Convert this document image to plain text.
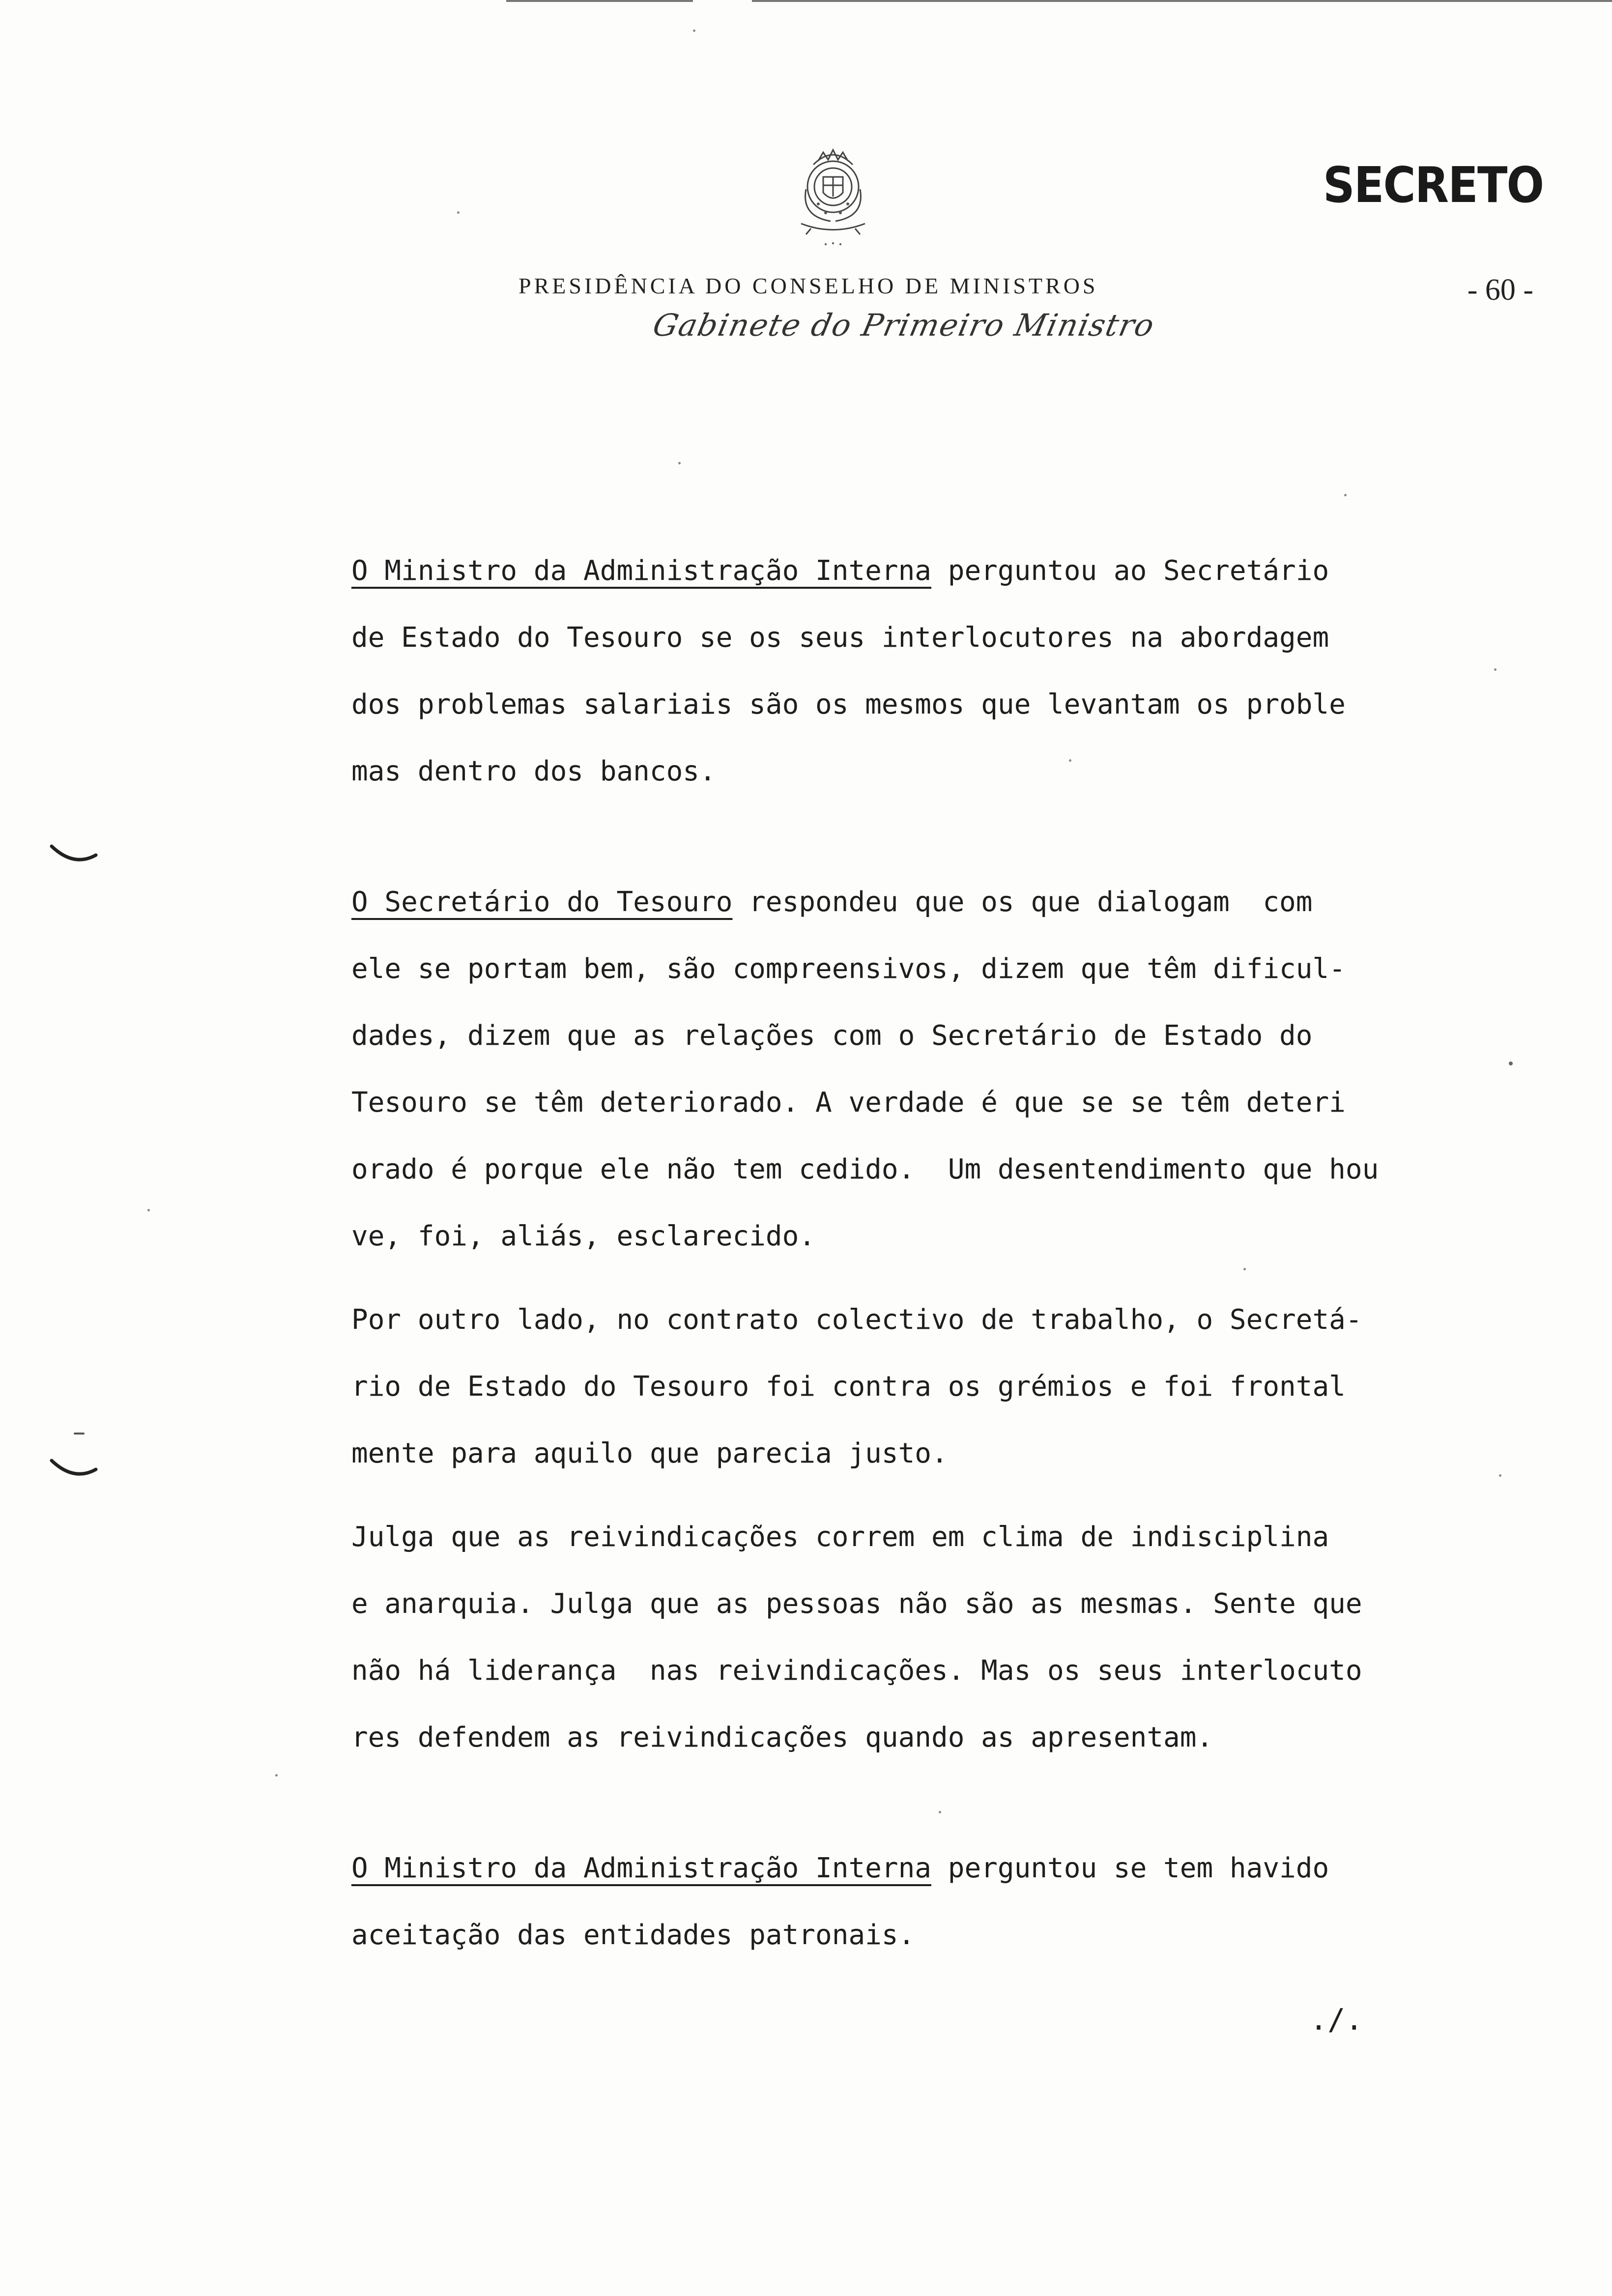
SECRETO
- 60 -
PRESIDÊNCIA DO CONSELHO DE MINISTROS
Gabinete do Primeiro Ministro
O Ministro da Administração Interna perguntou ao Secretário
de Estado do Tesouro se os seus interlocutores na abordagem
dos problemas salariais são os mesmos que levantam os proble
mas dentro dos bancos.
O Secretário do Tesouro respondeu que os que dialogam  com
ele se portam bem, são compreensivos, dizem que têm dificul-
dades, dizem que as relações com o Secretário de Estado do
Tesouro se têm deteriorado. A verdade é que se se têm deteri
orado é porque ele não tem cedido.  Um desentendimento que hou
ve, foi, aliás, esclarecido.
Por outro lado, no contrato colectivo de trabalho, o Secretá-
rio de Estado do Tesouro foi contra os grémios e foi frontal
mente para aquilo que parecia justo.
Julga que as reivindicações correm em clima de indisciplina
e anarquia. Julga que as pessoas não são as mesmas. Sente que
não há liderança  nas reivindicações. Mas os seus interlocuto
res defendem as reivindicações quando as apresentam.
O Ministro da Administração Interna perguntou se tem havido
aceitação das entidades patronais.
./.
